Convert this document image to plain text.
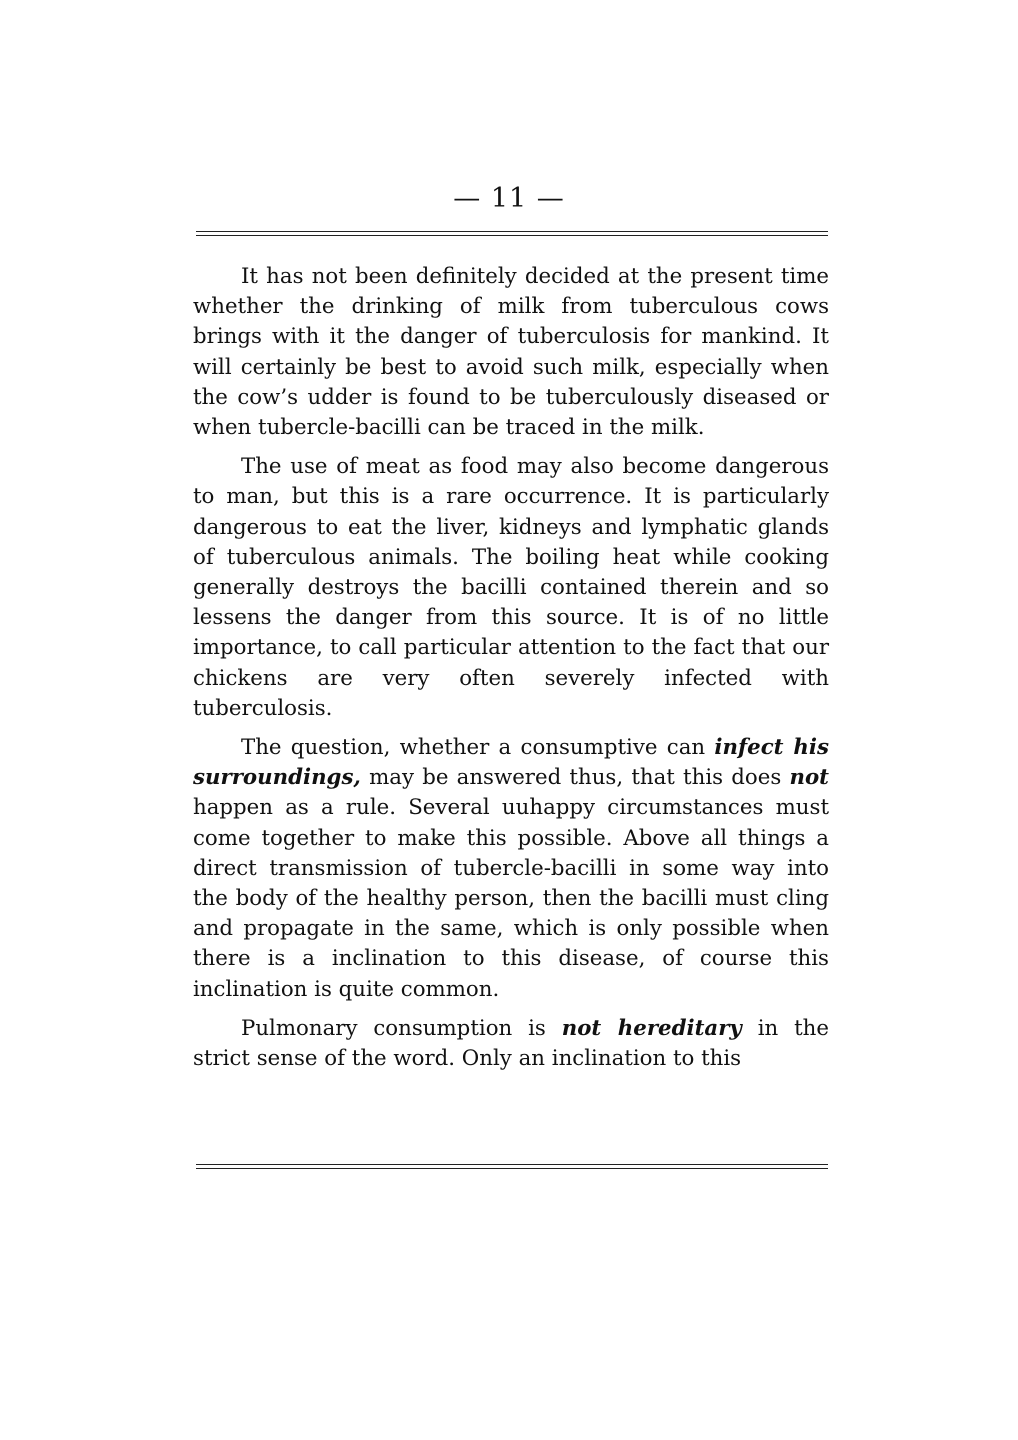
— 11 —

It has not been definitely decided at the present time whether the drinking of milk from tuberculous cows brings with it the danger of tuberculosis for mankind. It will certainly be best to avoid such milk, especially when the cow’s udder is found to be tuberculously diseased or when tubercle-bacilli can be traced in the milk.

The use of meat as food may also become dangerous to man, but this is a rare occurrence. It is particularly dangerous to eat the liver, kidneys and lymphatic glands of tuberculous animals. The boiling heat while cooking generally destroys the bacilli contained therein and so lessens the danger from this source. It is of no little importance, to call particular attention to the fact that our chickens are very often severely infected with tuberculosis.

The question, whether a consumptive can infect his surroundings, may be answered thus, that this does not happen as a rule. Several uuhappy circumstances must come together to make this possible. Above all things a direct transmission of tubercle-bacilli in some way into the body of the healthy person, then the bacilli must cling and propagate in the same, which is only possible when there is a inclination to this disease, of course this inclination is quite common.

Pulmonary consumption is not hereditary in the strict sense of the word. Only an inclination to this
